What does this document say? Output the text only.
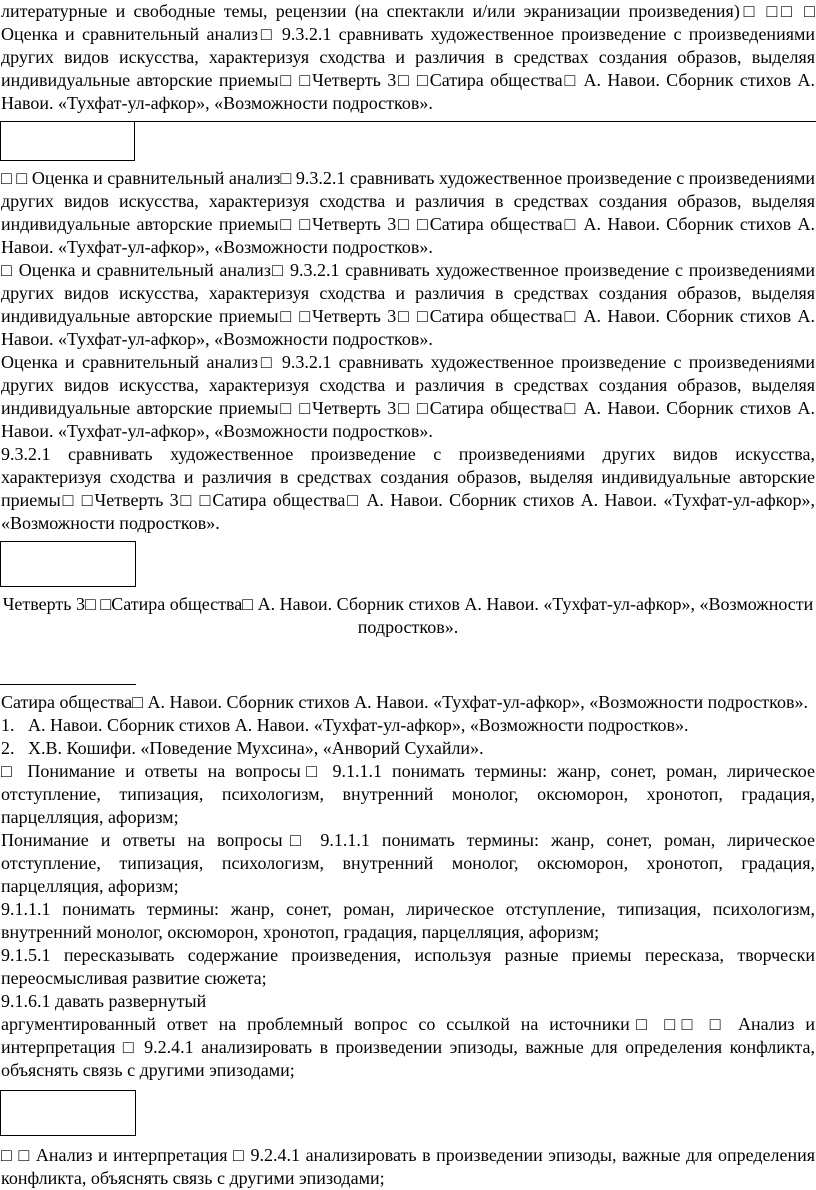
литературные и свободные темы, рецензии (на спектакли и/или экранизации произведения)□ □□ □ Оценка и сравнительный анализ□ 9.3.2.1 сравнивать художественное произведение с произведениями других видов искусства, характеризуя сходства и различия в средствах создания образов, выделяя индивидуальные авторские приемы□ □Четверть 3□ □Сатира общества□ А. Навои. Сборник стихов А. Навои. «Тухфат-ул-афкор», «Возможности подростков».

□ □ Оценка и сравнительный анализ□ 9.3.2.1 сравнивать художественное произведение с произведениями других видов искусства, характеризуя сходства и различия в средствах создания образов, выделяя индивидуальные авторские приемы□ □Четверть 3□ □Сатира общества□ А. Навои. Сборник стихов А. Навои. «Тухфат-ул-афкор», «Возможности подростков».

□ Оценка и сравнительный анализ□ 9.3.2.1 сравнивать художественное произведение с произведениями других видов искусства, характеризуя сходства и различия в средствах создания образов, выделяя индивидуальные авторские приемы□ □Четверть 3□ □Сатира общества□ А. Навои. Сборник стихов А. Навои. «Тухфат-ул-афкор», «Возможности подростков».

Оценка и сравнительный анализ□ 9.3.2.1 сравнивать художественное произведение с произведениями других видов искусства, характеризуя сходства и различия в средствах создания образов, выделяя индивидуальные авторские приемы□ □Четверть 3□ □Сатира общества□ А. Навои. Сборник стихов А. Навои. «Тухфат-ул-афкор», «Возможности подростков».

9.3.2.1 сравнивать художественное произведение с произведениями других видов искусства, характеризуя сходства и различия в средствах создания образов, выделяя индивидуальные авторские приемы□ □Четверть 3□ □Сатира общества□ А. Навои. Сборник стихов А. Навои. «Тухфат-ул-афкор», «Возможности подростков».

Четверть 3□ □Сатира общества□ А. Навои. Сборник стихов А. Навои. «Тухфат-ул-афкор», «Возможности подростков».

Сатира общества□ А. Навои. Сборник стихов А. Навои. «Тухфат-ул-афкор», «Возможности подростков».

1. А. Навои. Сборник стихов А. Навои. «Тухфат-ул-афкор», «Возможности подростков».
2. Х.В. Кошифи. «Поведение Мухсина», «Анворий Сухайли».

□ Понимание и ответы на вопросы□ 9.1.1.1 понимать термины: жанр, сонет, роман, лирическое отступление, типизация, психологизм, внутренний монолог, оксюморон, хронотоп, градация, парцелляция, афоризм;

Понимание и ответы на вопросы□ 9.1.1.1 понимать термины: жанр, сонет, роман, лирическое отступление, типизация, психологизм, внутренний монолог, оксюморон, хронотоп, градация, парцелляция, афоризм;

9.1.1.1 понимать термины: жанр, сонет, роман, лирическое отступление, типизация, психологизм, внутренний монолог, оксюморон, хронотоп, градация, парцелляция, афоризм;

9.1.5.1 пересказывать содержание произведения, используя разные приемы пересказа, творчески переосмысливая развитие сюжета;

9.1.6.1 давать развернутый

аргументированный ответ на проблемный вопрос со ссылкой на источники□ □□ □ Анализ и интерпретация □ 9.2.4.1 анализировать в произведении эпизоды, важные для определения конфликта, объяснять связь с другими эпизодами;

□ □ Анализ и интерпретация □ 9.2.4.1 анализировать в произведении эпизоды, важные для определения конфликта, объяснять связь с другими эпизодами;
